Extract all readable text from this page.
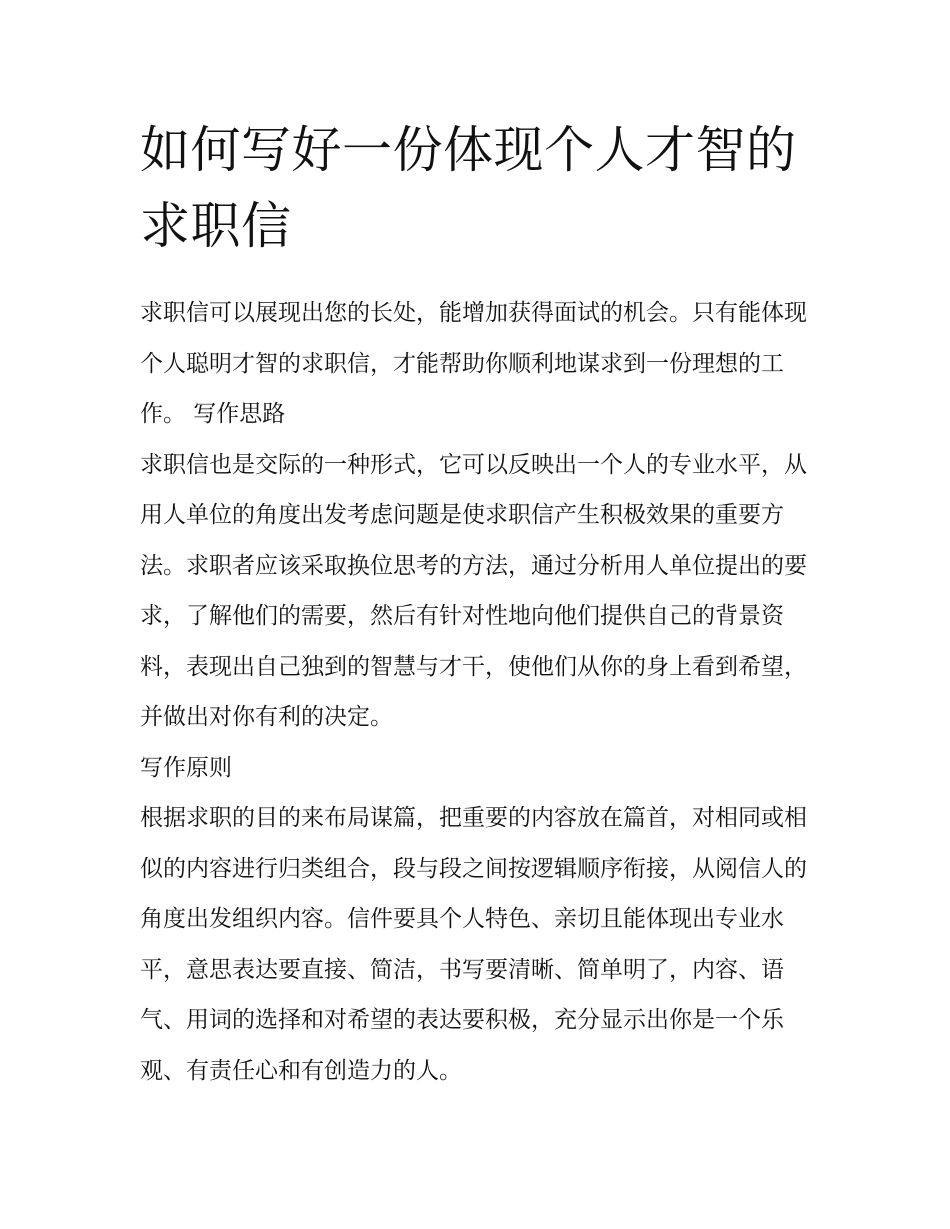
如何写好一份体现个人才智的求职信

求职信可以展现出您的长处，能增加获得面试的机会。只有能体现个人聪明才智的求职信，才能帮助你顺利地谋求到一份理想的工作。 写作思路

求职信也是交际的一种形式，它可以反映出一个人的专业水平，从用人单位的角度出发考虑问题是使求职信产生积极效果的重要方法。求职者应该采取换位思考的方法，通过分析用人单位提出的要求，了解他们的需要，然后有针对性地向他们提供自己的背景资料，表现出自己独到的智慧与才干，使他们从你的身上看到希望，并做出对你有利的决定。

写作原则

根据求职的目的来布局谋篇，把重要的内容放在篇首，对相同或相似的内容进行归类组合，段与段之间按逻辑顺序衔接，从阅信人的角度出发组织内容。信件要具个人特色、亲切且能体现出专业水平，意思表达要直接、简洁，书写要清晰、简单明了，内容、语气、用词的选择和对希望的表达要积极，充分显示出你是一个乐观、有责任心和有创造力的人。
